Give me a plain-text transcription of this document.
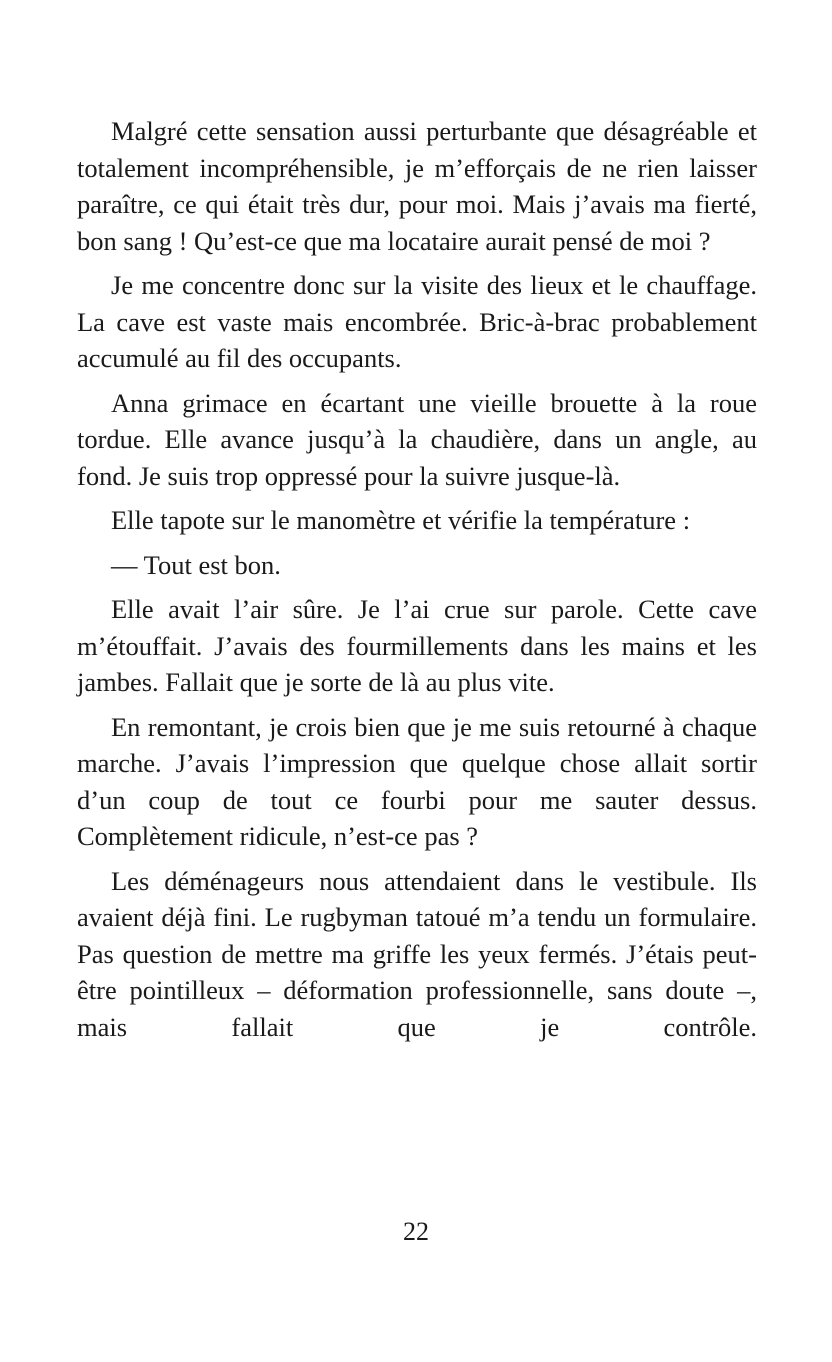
Malgré cette sensation aussi perturbante que désagréable et totalement incompréhensible, je m’efforçais de ne rien laisser paraître, ce qui était très dur, pour moi. Mais j’avais ma fierté, bon sang ! Qu’est-ce que ma locataire aurait pensé de moi ?

Je me concentre donc sur la visite des lieux et le chauffage. La cave est vaste mais encombrée. Bric-à-brac probablement accumulé au fil des occupants.

Anna grimace en écartant une vieille brouette à la roue tordue. Elle avance jusqu’à la chaudière, dans un angle, au fond. Je suis trop oppressé pour la suivre jusque-là.

Elle tapote sur le manomètre et vérifie la température :

— Tout est bon.

Elle avait l’air sûre. Je l’ai crue sur parole. Cette cave m’étouffait. J’avais des fourmillements dans les mains et les jambes. Fallait que je sorte de là au plus vite.

En remontant, je crois bien que je me suis retourné à chaque marche. J’avais l’impression que quelque chose allait sortir d’un coup de tout ce fourbi pour me sauter dessus. Complètement ridicule, n’est-ce pas ?

Les déménageurs nous attendaient dans le vestibule. Ils avaient déjà fini. Le rugbyman tatoué m’a tendu un formulaire. Pas question de mettre ma griffe les yeux fermés. J’étais peut-être pointilleux – déformation professionnelle, sans doute –, mais fallait que je contrôle.

22
